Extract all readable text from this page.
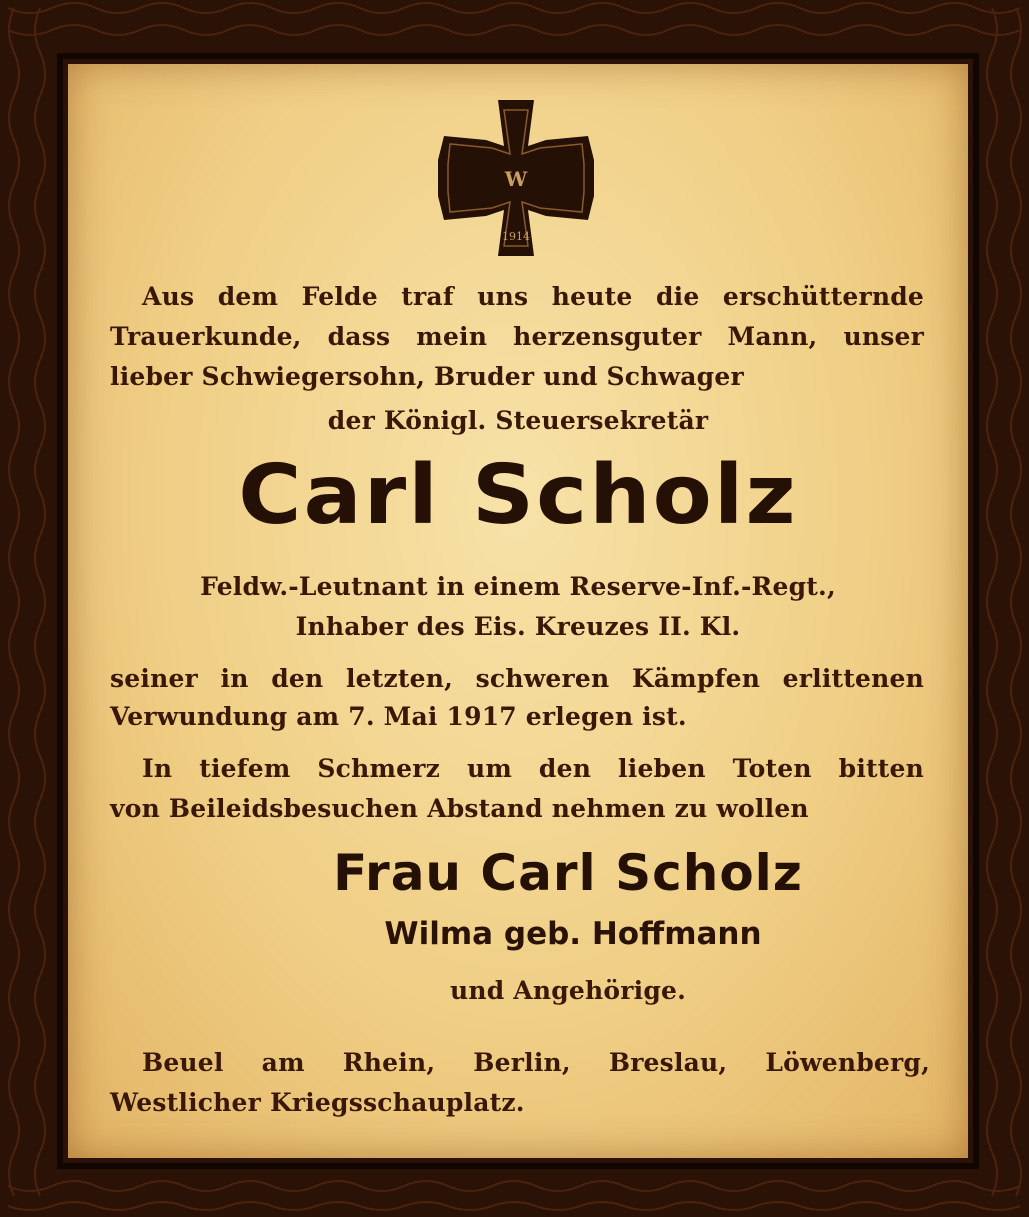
W
1914
Aus dem Felde traf uns heute die erschütternde
Trauerkunde, dass mein herzensguter Mann, unser
lieber Schwiegersohn, Bruder und Schwager
der Königl. Steuersekretär
Carl Scholz
Feldw.-Leutnant in einem Reserve-Inf.-Regt.,
Inhaber des Eis. Kreuzes II. Kl.
seiner in den letzten, schweren Kämpfen erlittenen
Verwundung am 7. Mai 1917 erlegen ist.
In tiefem Schmerz um den lieben Toten bitten
von Beileidsbesuchen Abstand nehmen zu wollen
Frau Carl Scholz
Wilma geb. Hoffmann
und Angehörige.
Beuel am Rhein, Berlin, Breslau, Löwenberg,
Westlicher Kriegsschauplatz.
